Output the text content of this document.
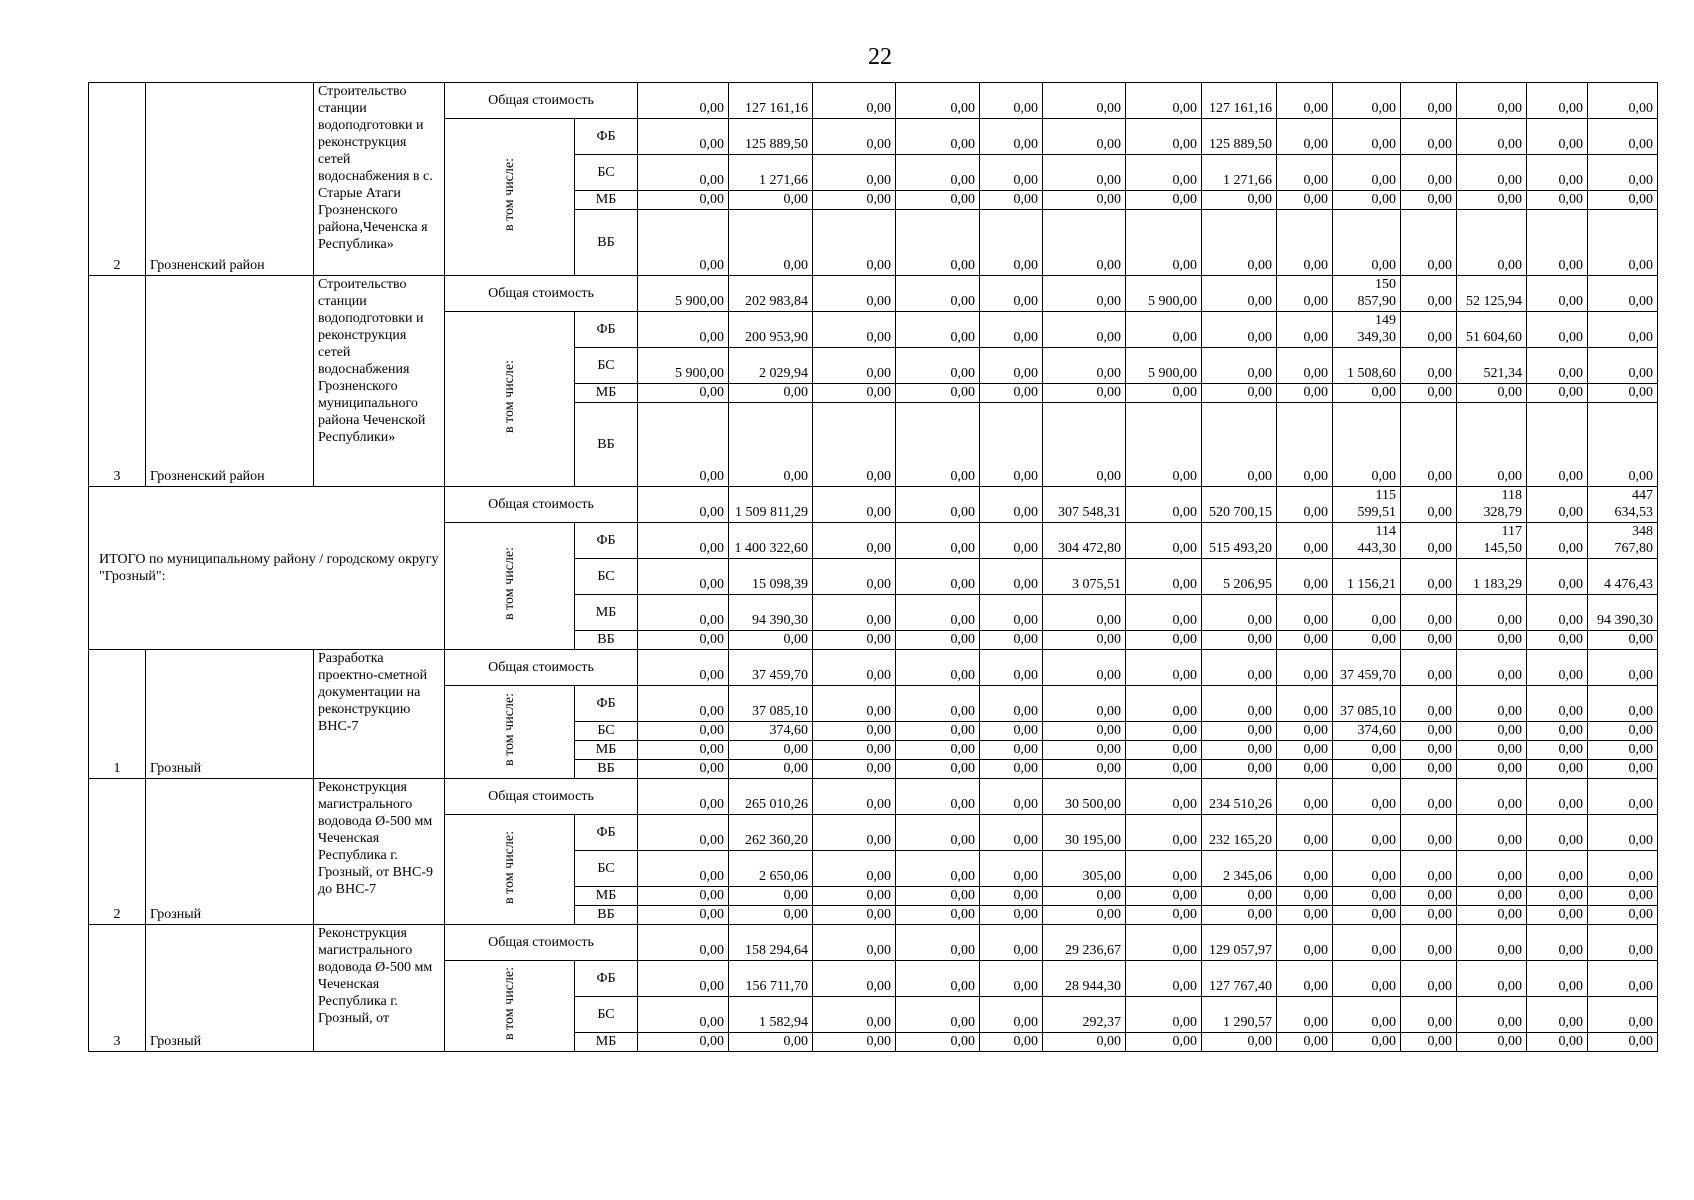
22
2	Грозненский район	Строительство станции водоподготовки и реконструкция сетей водоснабжения в с. Старые Атаги Грозненского района,Чеченска я Республика»	Общая стоимость		0,00	127 161,16	0,00	0,00	0,00	0,00	0,00	127 161,16	0,00	0,00	0,00	0,00	0,00	0,00
			в том числе:	ФБ	0,00	125 889,50	0,00	0,00	0,00	0,00	0,00	125 889,50	0,00	0,00	0,00	0,00	0,00	0,00
				БС	0,00	1 271,66	0,00	0,00	0,00	0,00	0,00	1 271,66	0,00	0,00	0,00	0,00	0,00	0,00
				МБ	0,00	0,00	0,00	0,00	0,00	0,00	0,00	0,00	0,00	0,00	0,00	0,00	0,00	0,00
				ВБ	0,00	0,00	0,00	0,00	0,00	0,00	0,00	0,00	0,00	0,00	0,00	0,00	0,00	0,00
3	Грозненский район	Строительство станции водоподготовки и реконструкция сетей водоснабжения Грозненского муниципального района Чеченской Республики»	Общая стоимость		5 900,00	202 983,84	0,00	0,00	0,00	0,00	5 900,00	0,00	0,00	150 857,90	0,00	52 125,94	0,00	0,00
			в том числе:	ФБ	0,00	200 953,90	0,00	0,00	0,00	0,00	0,00	0,00	0,00	149 349,30	0,00	51 604,60	0,00	0,00
				БС	5 900,00	2 029,94	0,00	0,00	0,00	0,00	5 900,00	0,00	0,00	1 508,60	0,00	521,34	0,00	0,00
				МБ	0,00	0,00	0,00	0,00	0,00	0,00	0,00	0,00	0,00	0,00	0,00	0,00	0,00	0,00
				ВБ	0,00	0,00	0,00	0,00	0,00	0,00	0,00	0,00	0,00	0,00	0,00	0,00	0,00	0,00
ИТОГО по муниципальному району / городскому округу "Грозный":			Общая стоимость		0,00	1 509 811,29	0,00	0,00	0,00	307 548,31	0,00	520 700,15	0,00	115 599,51	0,00	118 328,79	0,00	447 634,53
			в том числе:	ФБ	0,00	1 400 322,60	0,00	0,00	0,00	304 472,80	0,00	515 493,20	0,00	114 443,30	0,00	117 145,50	0,00	348 767,80
				БС	0,00	15 098,39	0,00	0,00	0,00	3 075,51	0,00	5 206,95	0,00	1 156,21	0,00	1 183,29	0,00	4 476,43
				МБ	0,00	94 390,30	0,00	0,00	0,00	0,00	0,00	0,00	0,00	0,00	0,00	0,00	0,00	94 390,30
				ВБ	0,00	0,00	0,00	0,00	0,00	0,00	0,00	0,00	0,00	0,00	0,00	0,00	0,00	0,00
1	Грозный	Разработка проектно-сметной документации на реконструкцию ВНС-7	Общая стоимость		0,00	37 459,70	0,00	0,00	0,00	0,00	0,00	0,00	0,00	37 459,70	0,00	0,00	0,00	0,00
			в том числе:	ФБ	0,00	37 085,10	0,00	0,00	0,00	0,00	0,00	0,00	0,00	37 085,10	0,00	0,00	0,00	0,00
				БС	0,00	374,60	0,00	0,00	0,00	0,00	0,00	0,00	0,00	374,60	0,00	0,00	0,00	0,00
				МБ	0,00	0,00	0,00	0,00	0,00	0,00	0,00	0,00	0,00	0,00	0,00	0,00	0,00	0,00
				ВБ	0,00	0,00	0,00	0,00	0,00	0,00	0,00	0,00	0,00	0,00	0,00	0,00	0,00	0,00
2	Грозный	Реконструкция магистрального водовода Ø-500 мм Чеченская Республика г. Грозный, от ВНС-9 до ВНС-7	Общая стоимость		0,00	265 010,26	0,00	0,00	0,00	30 500,00	0,00	234 510,26	0,00	0,00	0,00	0,00	0,00	0,00
			в том числе:	ФБ	0,00	262 360,20	0,00	0,00	0,00	30 195,00	0,00	232 165,20	0,00	0,00	0,00	0,00	0,00	0,00
				БС	0,00	2 650,06	0,00	0,00	0,00	305,00	0,00	2 345,06	0,00	0,00	0,00	0,00	0,00	0,00
				МБ	0,00	0,00	0,00	0,00	0,00	0,00	0,00	0,00	0,00	0,00	0,00	0,00	0,00	0,00
				ВБ	0,00	0,00	0,00	0,00	0,00	0,00	0,00	0,00	0,00	0,00	0,00	0,00	0,00	0,00
3	Грозный	Реконструкция магистрального водовода Ø-500 мм Чеченская Республика г. Грозный, от	Общая стоимость		0,00	158 294,64	0,00	0,00	0,00	29 236,67	0,00	129 057,97	0,00	0,00	0,00	0,00	0,00	0,00
			в том числе:	ФБ	0,00	156 711,70	0,00	0,00	0,00	28 944,30	0,00	127 767,40	0,00	0,00	0,00	0,00	0,00	0,00
				БС	0,00	1 582,94	0,00	0,00	0,00	292,37	0,00	1 290,57	0,00	0,00	0,00	0,00	0,00	0,00
				МБ	0,00	0,00	0,00	0,00	0,00	0,00	0,00	0,00	0,00	0,00	0,00	0,00	0,00	0,00
